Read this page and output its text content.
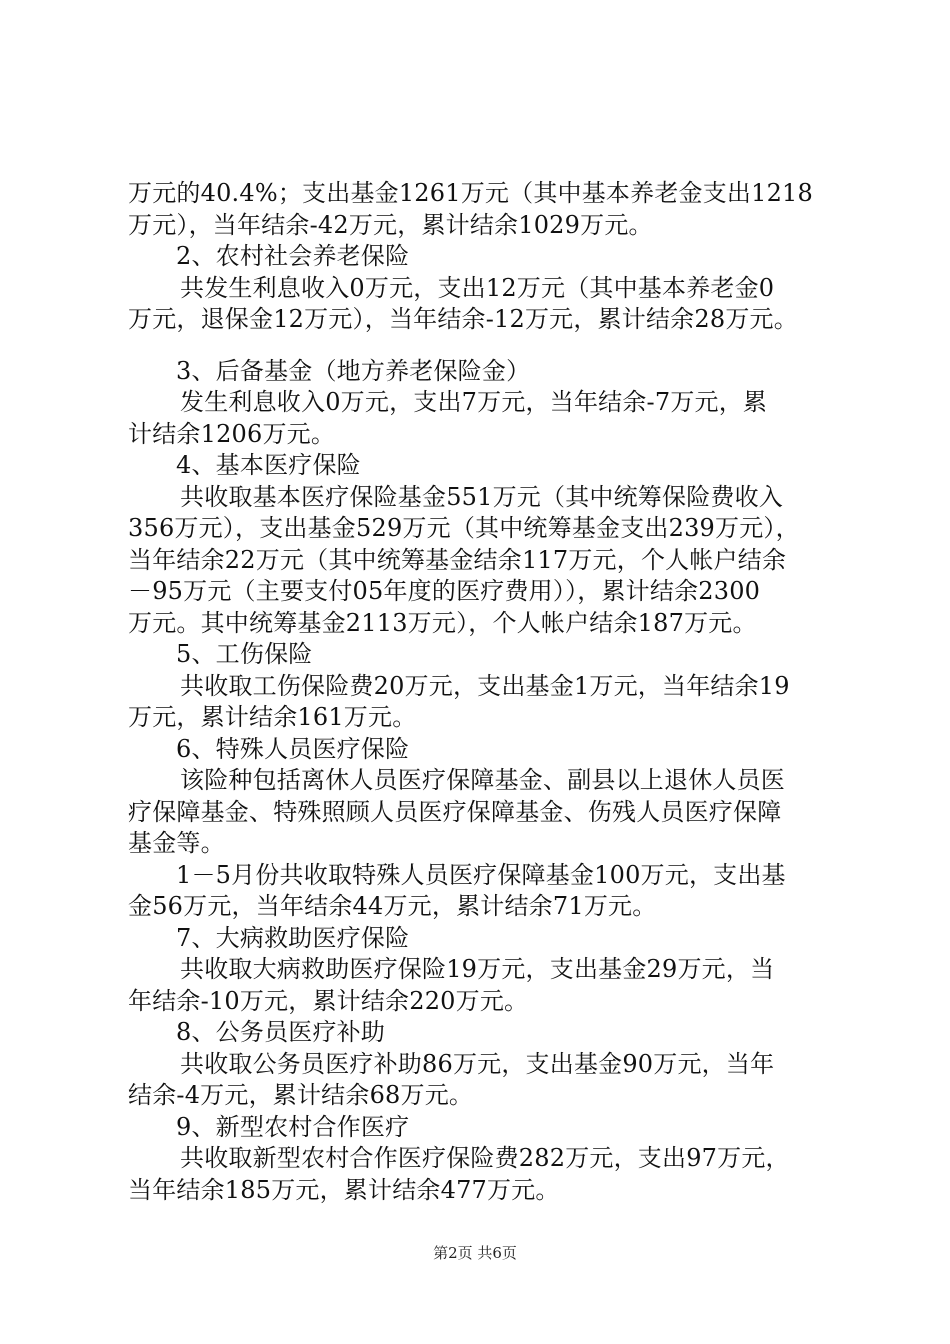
万元的40.4%；支出基金1261万元（其中基本养老金支出1218
万元），当年结余-42万元，累计结余1029万元。
2、农村社会养老保险
共发生利息收入0万元，支出12万元（其中基本养老金0
万元，退保金12万元），当年结余-12万元，累计结余28万元。
3、后备基金（地方养老保险金）
发生利息收入0万元，支出7万元，当年结余-7万元，累
计结余1206万元。
4、基本医疗保险
共收取基本医疗保险基金551万元（其中统筹保险费收入
356万元），支出基金529万元（其中统筹基金支出239万元），
当年结余22万元（其中统筹基金结余117万元，个人帐户结余
－95万元（主要支付05年度的医疗费用）），累计结余2300
万元。其中统筹基金2113万元），个人帐户结余187万元。
5、工伤保险
共收取工伤保险费20万元，支出基金1万元，当年结余19
万元，累计结余161万元。
6、特殊人员医疗保险
该险种包括离休人员医疗保障基金、副县以上退休人员医
疗保障基金、特殊照顾人员医疗保障基金、伤残人员医疗保障
基金等。
1－5月份共收取特殊人员医疗保障基金100万元，支出基
金56万元，当年结余44万元，累计结余71万元。
7、大病救助医疗保险
共收取大病救助医疗保险19万元，支出基金29万元，当
年结余-10万元，累计结余220万元。
8、公务员医疗补助
共收取公务员医疗补助86万元，支出基金90万元，当年
结余-4万元，累计结余68万元。
9、新型农村合作医疗
共收取新型农村合作医疗保险费282万元，支出97万元，
当年结余185万元，累计结余477万元。
第2页 共6页
